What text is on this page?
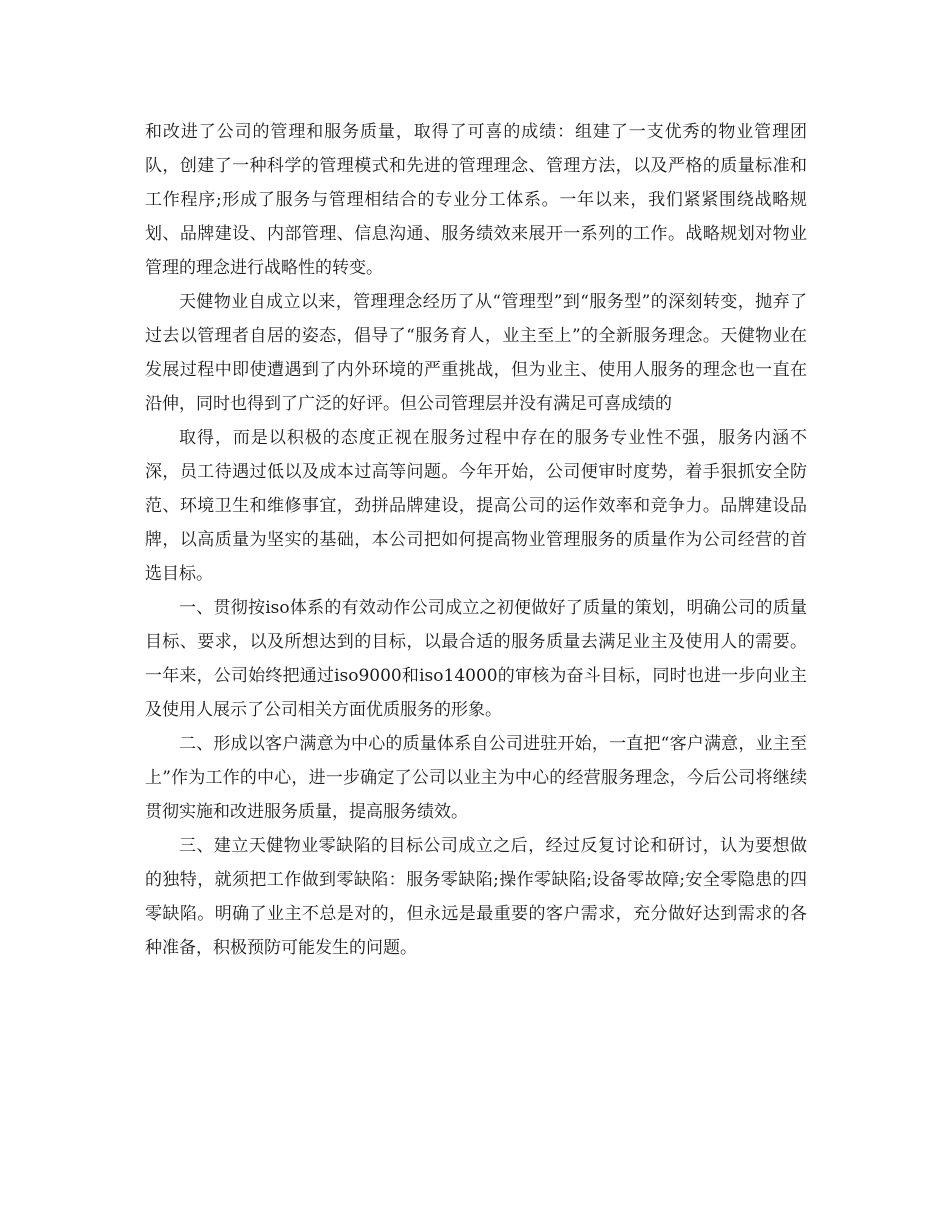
和改进了公司的管理和服务质量，取得了可喜的成绩：组建了一支优秀的物业管理团队，创建了一种科学的管理模式和先进的管理理念、管理方法，以及严格的质量标准和工作程序;形成了服务与管理相结合的专业分工体系。一年以来，我们紧紧围绕战略规划、品牌建设、内部管理、信息沟通、服务绩效来展开一系列的工作。战略规划对物业管理的理念进行战略性的转变。

天健物业自成立以来，管理理念经历了从“管理型”到“服务型”的深刻转变，抛弃了过去以管理者自居的姿态，倡导了“服务育人，业主至上”的全新服务理念。天健物业在发展过程中即使遭遇到了内外环境的严重挑战，但为业主、使用人服务的理念也一直在沿伸，同时也得到了广泛的好评。但公司管理层并没有满足可喜成绩的

取得，而是以积极的态度正视在服务过程中存在的服务专业性不强，服务内涵不深，员工待遇过低以及成本过高等问题。今年开始，公司便审时度势，着手狠抓安全防范、环境卫生和维修事宜，劲拼品牌建设，提高公司的运作效率和竞争力。品牌建设品牌，以高质量为坚实的基础，本公司把如何提高物业管理服务的质量作为公司经营的首选目标。

一、贯彻按iso体系的有效动作公司成立之初便做好了质量的策划，明确公司的质量目标、要求，以及所想达到的目标，以最合适的服务质量去满足业主及使用人的需要。一年来，公司始终把通过iso9000和iso14000的审核为奋斗目标，同时也进一步向业主及使用人展示了公司相关方面优质服务的形象。

二、形成以客户满意为中心的质量体系自公司进驻开始，一直把“客户满意，业主至上”作为工作的中心，进一步确定了公司以业主为中心的经营服务理念，今后公司将继续贯彻实施和改进服务质量，提高服务绩效。

三、建立天健物业零缺陷的目标公司成立之后，经过反复讨论和研讨，认为要想做的独特，就须把工作做到零缺陷：服务零缺陷;操作零缺陷;设备零故障;安全零隐患的四零缺陷。明确了业主不总是对的，但永远是最重要的客户需求，充分做好达到需求的各种准备，积极预防可能发生的问题。
